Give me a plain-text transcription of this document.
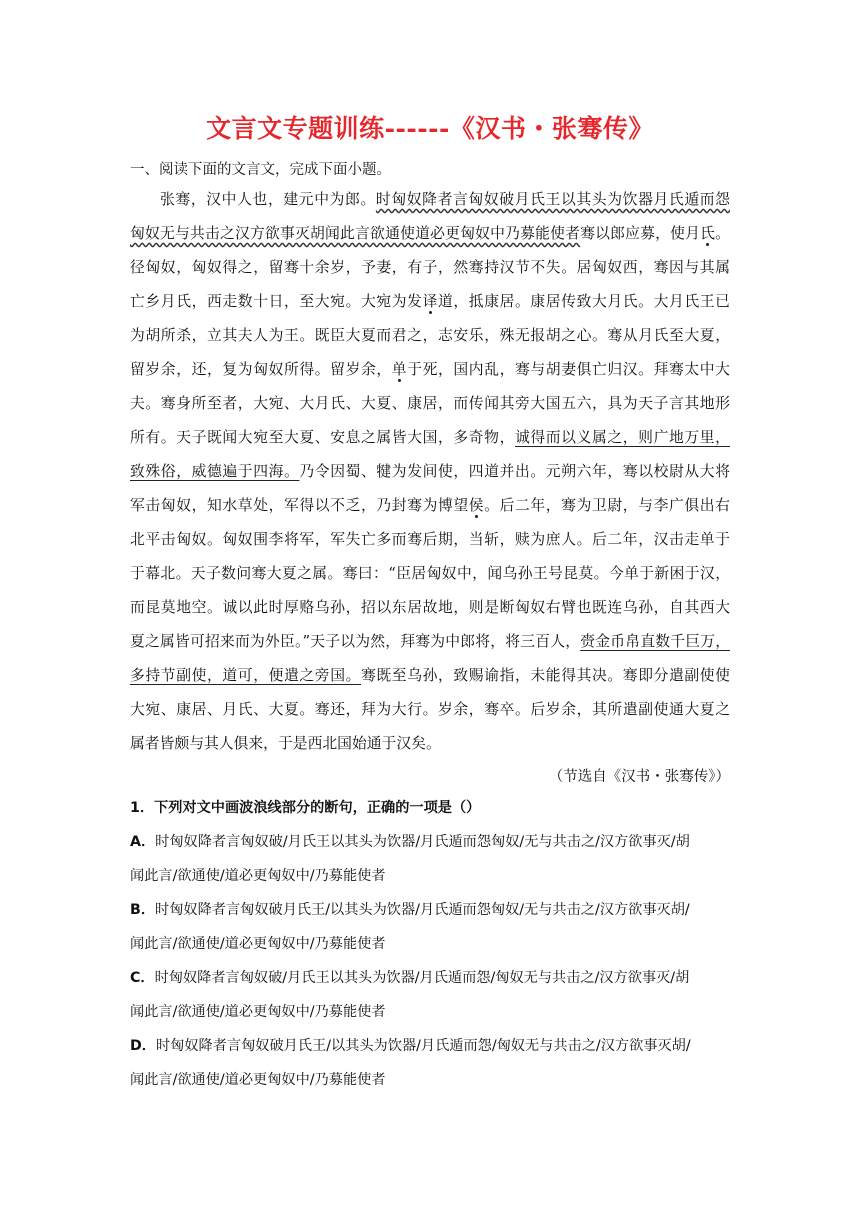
文言文专题训练------《汉书・张骞传》
一、阅读下面的文言文，完成下面小题。
张骞，汉中人也，建元中为郎。时匈奴降者言匈奴破月氏王以其头为饮器月氏遁而怨
匈奴无与共击之汉方欲事灭胡闻此言欲通使道必更匈奴中乃募能使者骞以郎应募，使月氏。
径匈奴，匈奴得之，留骞十余岁，予妻，有子，然骞持汉节不失。居匈奴西，骞因与其属
亡乡月氏，西走数十日，至大宛。大宛为发译道，抵康居。康居传致大月氏。大月氏王已
为胡所杀，立其夫人为王。既臣大夏而君之，志安乐，殊无报胡之心。骞从月氏至大夏，
留岁余，还，复为匈奴所得。留岁余，单于死，国内乱，骞与胡妻俱亡归汉。拜骞太中大
夫。骞身所至者，大宛、大月氏、大夏、康居，而传闻其旁大国五六，具为天子言其地形
所有。天子既闻大宛至大夏、安息之属皆大国，多奇物，诚得而以义属之，则广地万里，
致殊俗，威德遍于四海。乃令因蜀、犍为发间使，四道并出。元朔六年，骞以校尉从大将
军击匈奴，知水草处，军得以不乏，乃封骞为博望侯。后二年，骞为卫尉，与李广俱出右
北平击匈奴。匈奴围李将军，军失亡多而骞后期，当斩，赎为庶人。后二年，汉击走单于
于幕北。天子数问骞大夏之属。骞曰：“臣居匈奴中，闻乌孙王号昆莫。今单于新困于汉，
而昆莫地空。诚以此时厚赂乌孙，招以东居故地，则是断匈奴右臂也既连乌孙，自其西大
夏之属皆可招来而为外臣。”天子以为然，拜骞为中郎将，将三百人，赍金币帛直数千巨万，
多持节副使，道可，便遣之旁国。骞既至乌孙，致赐谕指，未能得其决。骞即分遣副使使
大宛、康居、月氏、大夏。骞还，拜为大行。岁余，骞卒。后岁余，其所遣副使通大夏之
属者皆颇与其人俱来，于是西北国始通于汉矣。
（节选自《汉书・张骞传》）
1．下列对文中画波浪线部分的断句，正确的一项是（）
A．时匈奴降者言匈奴破/月氏王以其头为饮器/月氏遁而怨匈奴/无与共击之/汉方欲事灭/胡
闻此言/欲通使/道必更匈奴中/乃募能使者
B．时匈奴降者言匈奴破月氏王/以其头为饮器/月氏遁而怨匈奴/无与共击之/汉方欲事灭胡/
闻此言/欲通使/道必更匈奴中/乃募能使者
C．时匈奴降者言匈奴破/月氏王以其头为饮器/月氏遁而怨/匈奴无与共击之/汉方欲事灭/胡
闻此言/欲通使/道必更匈奴中/乃募能使者
D．时匈奴降者言匈奴破月氏王/以其头为饮器/月氏遁而怨/匈奴无与共击之/汉方欲事灭胡/
闻此言/欲通使/道必更匈奴中/乃募能使者
